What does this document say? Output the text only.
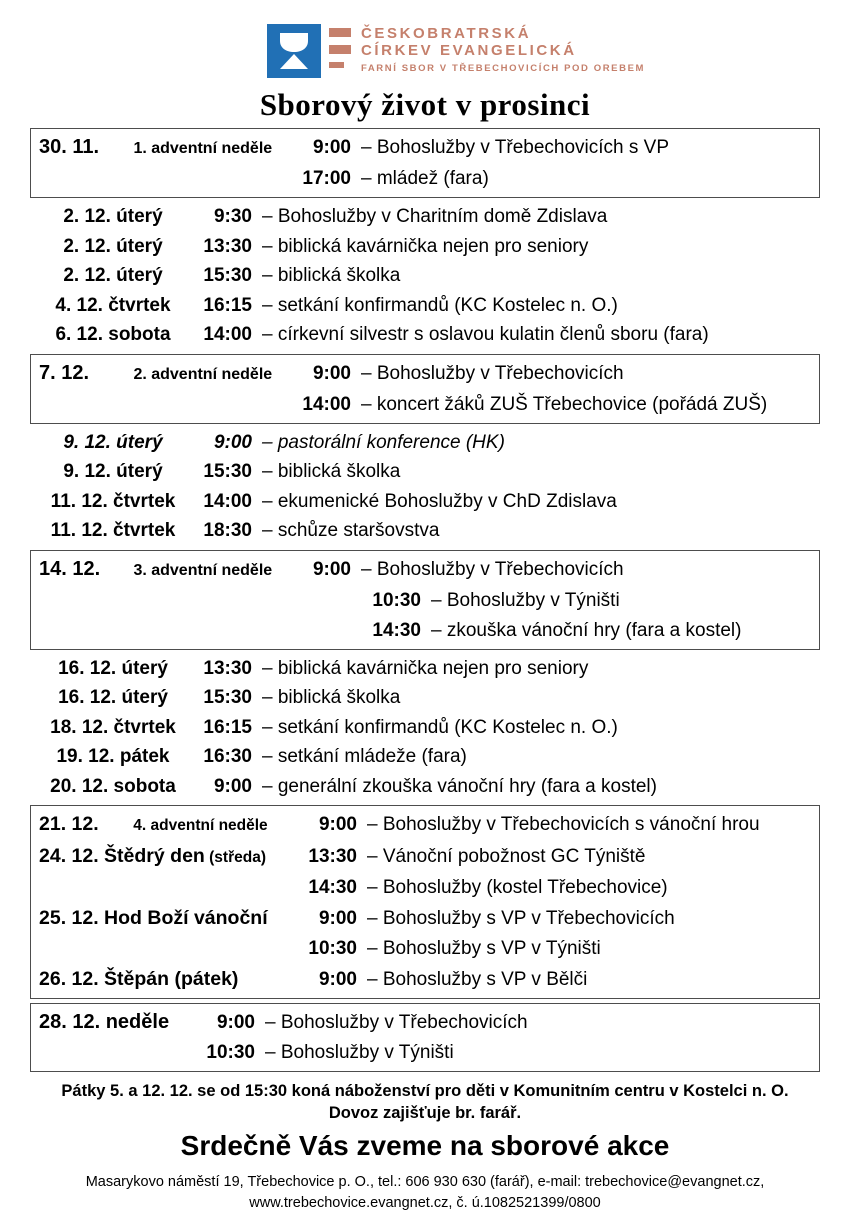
ČESKOBRATRSKÁ
CÍRKEV EVANGELICKÁ
FARNÍ SBOR V TŘEBECHOVICÍCH POD OREBEM
Sborový život v prosinci
30. 11. 1. adventní neděle	9:00 – Bohoslužby v Třebechovicích s VP
17:00 – mládež (fara)
2. 12. úterý	9:30 – Bohoslužby v Charitním domě Zdislava
2. 12. úterý	13:30 – biblická kavárnička nejen pro seniory
2. 12. úterý	15:30 – biblická školka
4. 12. čtvrtek	16:15 – setkání konfirmandů (KC Kostelec n. O.)
6. 12. sobota	14:00 – církevní silvestr s oslavou kulatin členů sboru (fara)
7. 12. 2. adventní neděle	9:00 – Bohoslužby v Třebechovicích
14:00 – koncert žáků ZUŠ Třebechovice (pořádá ZUŠ)
9. 12. úterý	9:00 – pastorální konference (HK)
9. 12. úterý	15:30 – biblická školka
11. 12. čtvrtek	14:00 – ekumenické Bohoslužby v ChD Zdislava
11. 12. čtvrtek	18:30 – schůze staršovstva
14. 12. 3. adventní neděle	9:00 – Bohoslužby v Třebechovicích
10:30 – Bohoslužby v Týništi
14:30 – zkouška vánoční hry (fara a kostel)
16. 12. úterý	13:30 – biblická kavárnička nejen pro seniory
16. 12. úterý	15:30 – biblická školka
18. 12. čtvrtek	16:15 – setkání konfirmandů (KC Kostelec n. O.)
19. 12. pátek	16:30 – setkání mládeže (fara)
20. 12. sobota	9:00 – generální zkouška vánoční hry (fara a kostel)
21. 12. 4. adventní neděle	9:00 – Bohoslužby v Třebechovicích s vánoční hrou
24. 12. Štědrý den (středa)	13:30 – Vánoční pobožnost GC Týniště
14:30 – Bohoslužby (kostel Třebechovice)
25. 12. Hod Boží vánoční	9:00 – Bohoslužby s VP v Třebechovicích
10:30 – Bohoslužby s VP v Týništi
26. 12. Štěpán (pátek)	9:00 – Bohoslužby s VP v Bělči
28. 12. neděle	9:00 – Bohoslužby v Třebechovicích
10:30 – Bohoslužby v Týništi
Pátky 5. a 12. 12. se od 15:30 koná náboženství pro děti v Komunitním centru v Kostelci n. O.
Dovoz zajišťuje br. farář.
Srdečně Vás zveme na sborové akce
Masarykovo náměstí 19, Třebechovice p. O., tel.: 606 930 630 (farář), e-mail: trebechovice@evangnet.cz,
www.trebechovice.evangnet.cz, č. ú.1082521399/0800
